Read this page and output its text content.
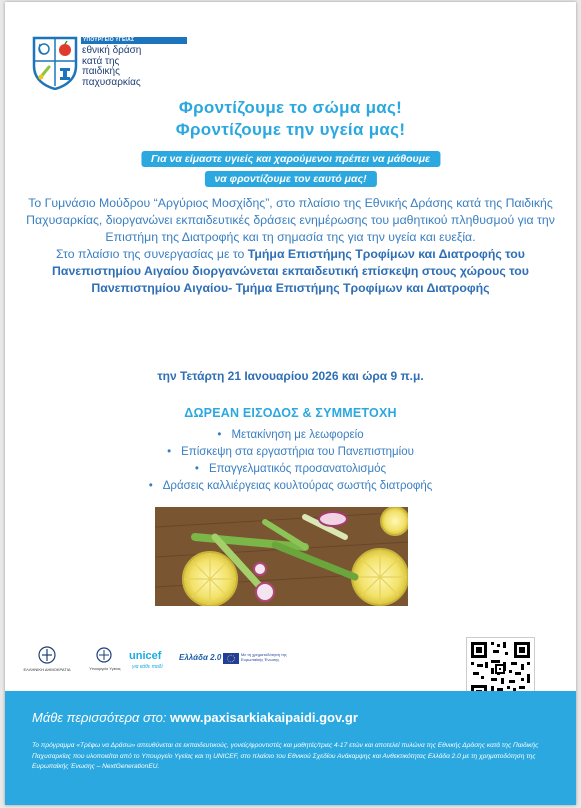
ΥΠΟΥΡΓΕΙΟ ΥΓΕΙΑΣ
εθνική δράση
κατά της
παιδικής
παχυσαρκίας
Φροντίζουμε το σώμα μας!
Φροντίζουμε την υγεία μας!
Για να είμαστε υγιείς και χαρούμενοι πρέπει να μάθουμε
να φροντίζουμε τον εαυτό μας!
Το Γυμνάσιο Μούδρου “Αργύριος Μοσχίδης”, στο πλαίσιο της Εθνικής Δράσης κατά της Παιδικής Παχυσαρκίας, διοργανώνει εκπαιδευτικές δράσεις ενημέρωσης του μαθητικού πληθυσμού για την Επιστήμη της Διατροφής και τη σημασία της για την υγεία και ευεξία.
Στο πλαίσιο της συνεργασίας με το Τμήμα Επιστήμης Τροφίμων και Διατροφής του Πανεπιστημίου Αιγαίου διοργανώνεται εκπαιδευτική επίσκεψη στους χώρους του Πανεπιστημίου Αιγαίου- Τμήμα Επιστήμης Τροφίμων και Διατροφής
την Τετάρτη 21 Ιανουαρίου 2026 και ώρα 9 π.μ.
ΔΩΡΕΑΝ ΕΙΣΟΔΟΣ & ΣΥΜΜΕΤΟΧΗ
• Μετακίνηση με λεωφορείο
• Επίσκεψη στα εργαστήρια του Πανεπιστημίου
• Επαγγελματικός προσανατολισμός
• Δράσεις καλλιέργειας κουλτούρας σωστής διατροφής
ΕΛΛΗΝΙΚΗ ΔΗΜΟΚΡΑΤΙΑ	Υπουργείο Υγείας
unicef
για κάθε παιδί
Ελλάδα 2.0	Με τη χρηματοδότηση της Ευρωπαϊκής Ένωσης
Μάθε περισσότερα στο: www.paxisarkiakaipaidi.gov.gr
Το πρόγραμμα «Τρέφω να Δράσω» απευθύνεται σε εκπαιδευτικούς, γονείς/φροντιστές και μαθητές/τριες 4-17 ετών και αποτελεί πυλώνα της Εθνικής Δράσης κατά της Παιδικής Παχυσαρκίας που υλοποιείται από το Υπουργείο Υγείας και τη UNICEF, στο πλαίσιο του Εθνικού Σχεδίου Ανάκαμψης και Ανθεκτικότητας Ελλάδα 2.0 με τη χρηματοδότηση της Ευρωπαϊκής Ένωσης – NextGenerationEU.
